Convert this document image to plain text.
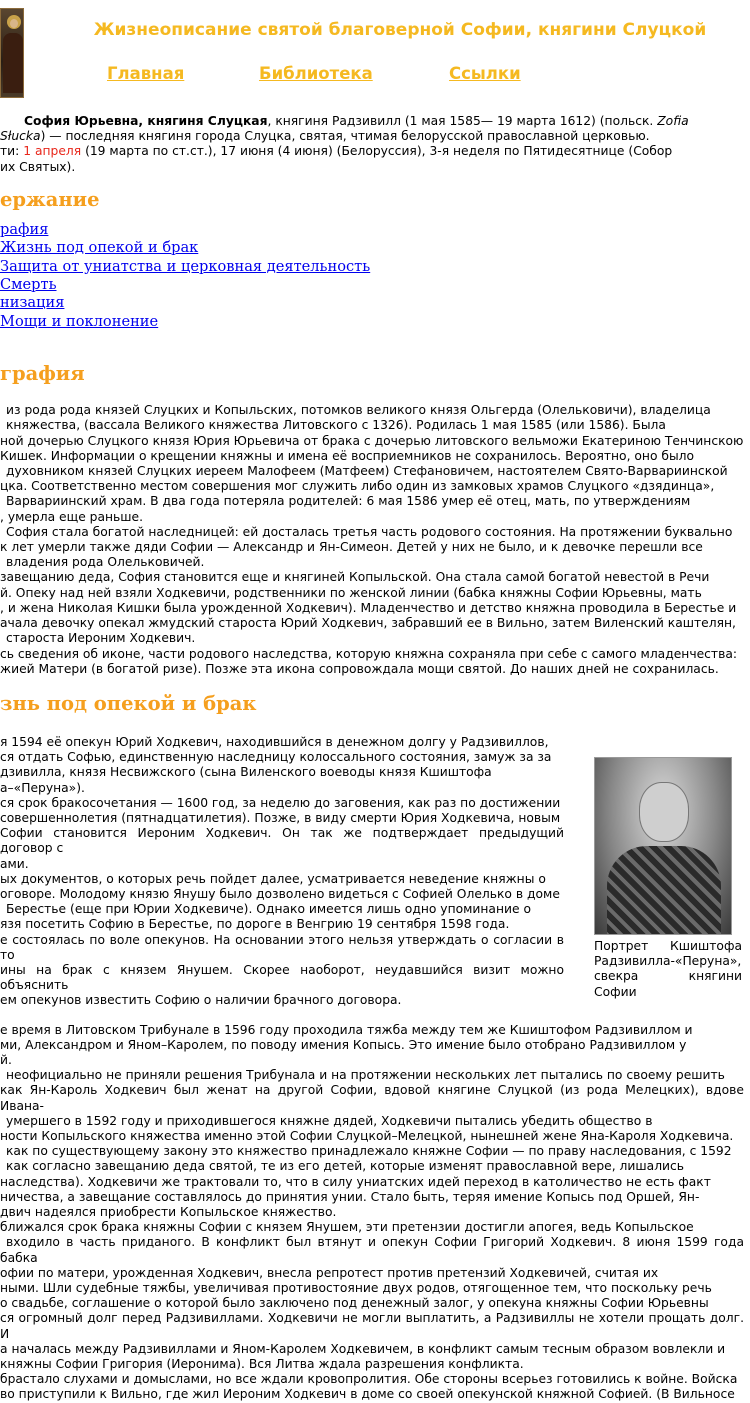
Жизнеописание святой благоверной Софии, княгини Слуцкой
Главная	Библиотека	Ссылки

София Юрьевна, княгиня Слуцкая, княгиня Радзивилл (1 мая 1585— 19 марта 1612) (польск. Zofia
Słucka) — последняя княгиня города Слуцка, святая, чтимая белорусской православной церковью.
ти: 1 апреля (19 марта по ст.ст.), 17 июня (4 июня) (Белоруссия), 3-я неделя по Пятидесятнице (Собор
их Святых).

ержание
рафия
Жизнь под опекой и брак
Защита от униатства и церковная деятельность
Смерть
низация
Мощи и поклонение
графия

из рода рода князей Слуцких и Копыльских, потомков великого князя Ольгерда (Олельковичи), владелица
княжества, (вассала Великого княжества Литовского с 1326). Родилась 1 мая 1585 (или 1586). Была
ной дочерью Слуцкого князя Юрия Юрьевича от брака с дочерью литовского вельможи Екатериною Тенчинскою
Кишек. Информации о крещении княжны и имена её восприемников не сохранилось. Вероятно, оно было
духовником князей Слуцких иереем Малофеем (Матфеем) Стефановичем, настоятелем Свято-Варвариинской
цка. Соответственно местом совершения мог служить либо один из замковых храмов Слуцкого «дзядинца»,
Варвариинский храм. В два года потеряла родителей: 6 мая 1586 умер её отец, мать, по утверждениям
, умерла еще раньше.

София стала богатой наследницей: ей досталась третья часть родового состояния. На протяжении буквально
к лет умерли также дяди Софии — Александр и Ян-Симеон. Детей у них не было, и к девочке перешли все
владения рода Олельковичей.

завещанию деда, София становится еще и княгиней Копыльской. Она стала самой богатой невестой в Речи
й. Опеку над ней взяли Ходкевичи, родственники по женской линии (бабка княжны Софии Юрьевны, мать
, и жена Николая Кишки была урожденной Ходкевич). Младенчество и детство княжна проводила в Берестье и
ачала девочку опекал жмудский староста Юрий Ходкевич, забравший ее в Вильно, затем Виленский каштелян,
староста Иероним Ходкевич.

сь сведения об иконе, части родового наследства, которую княжна сохраняла при себе с самого младенчества:
жией Матери (в богатой ризе). Позже эта икона сопровождала мощи святой. До наших дней не сохранилась.

знь под опекой и брак

я 1594 её опекун Юрий Ходкевич, находившийся в денежном долгу у Радзивиллов,
ся отдать Софью, единственную наследницу колоссального состояния, замуж за за
дзивилла, князя Несвижского (сына Виленского воеводы князя Кшиштофа
а–«Перуна»).

ся срок бракосочетания — 1600 год, за неделю до заговения, как раз по достижении
совершеннолетия (пятнадцатилетия). Позже, в виду смерти Юрия Ходкевича, новым
Софии становится Иероним Ходкевич. Он так же подтверждает предыдущий договор с
ами.

ых документов, о которых речь пойдет далее, усматривается неведение княжны о
оговоре. Молодому князю Янушу было дозволено видеться с Софией Олелько в доме
Берестье (еще при Юрии Ходкевиче). Однако имеется лишь одно упоминание о
язя посетить Софию в Берестье, по дороге в Венгрию 19 сентября 1598 года.
е состоялась по воле опекунов. На основании этого нельзя утверждать о согласии в то
ины на брак с князем Янушем. Скорее наоборот, неудавшийся визит можно объяснить
ем опекунов известить Софию о наличии брачного договора.

е время в Литовском Трибунале в 1596 году проходила тяжба между тем же Кшиштофом Радзивиллом и
ми, Александром и Яном–Каролем, по поводу имения Копысь. Это имение было отобрано Радзивиллом у
й.

неофициально не приняли решения Трибунала и на протяжении нескольких лет пытались по своему решить
как Ян-Кароль Ходкевич был женат на другой Софии, вдовой княгине Слуцкой (из рода Мелецких), вдове Ивана-
умершего в 1592 году и приходившегося княжне дядей, Ходкевичи пытались убедить общество в
ности Копыльского княжества именно этой Софии Слуцкой–Мелецкой, нынешней жене Яна-Кароля Ходкевича.
как по существующему закону это княжество принадлежало княжне Софии — по праву наследования, с 1592
как согласно завещанию деда святой, те из его детей, которые изменят православной вере, лишались
наследства). Ходкевичи же трактовали то, что в силу униатских идей переход в католичество не есть факт
ничества, а завещание составлялось до принятия унии. Стало быть, теряя имение Копысь под Оршей, Ян-
двич надеялся приобрести Копыльское княжество.

ближался срок брака княжны Софии с князем Янушем, эти претензии достигли апогея, ведь Копыльское
входило в часть приданого. В конфликт был втянут и опекун Софии Григорий Ходкевич. 8 июня 1599 года бабка
офии по матери, урожденная Ходкевич, внесла репротест против претензий Ходкевичей, считая их
ными. Шли судебные тяжбы, увеличивая противостояние двух родов, отягощенное тем, что поскольку речь
о свадьбе, соглашение о которой было заключено под денежный залог, у опекуна княжны Софии Юрьевны
ся огромный долг перед Радзивиллами. Ходкевичи не могли выплатить, а Радзивиллы не хотели прощать долг. И
а началась между Радзивиллами и Яном-Каролем Ходкевичем, в конфликт самым тесным образом вовлекли и
княжны Софии Григория (Иеронима). Вся Литва ждала разрешения конфликта.

брастало слухами и домыслами, но все ждали кровопролития. Обе стороны всерьез готовились к войне. Войска
во приступили к Вильно, где жил Иероним Ходкевич в доме со своей опекунской княжной Софией. (В Вильносе

Портрет Кшиштофа Радзивилла-«Перуна», свекра княгини Софии
